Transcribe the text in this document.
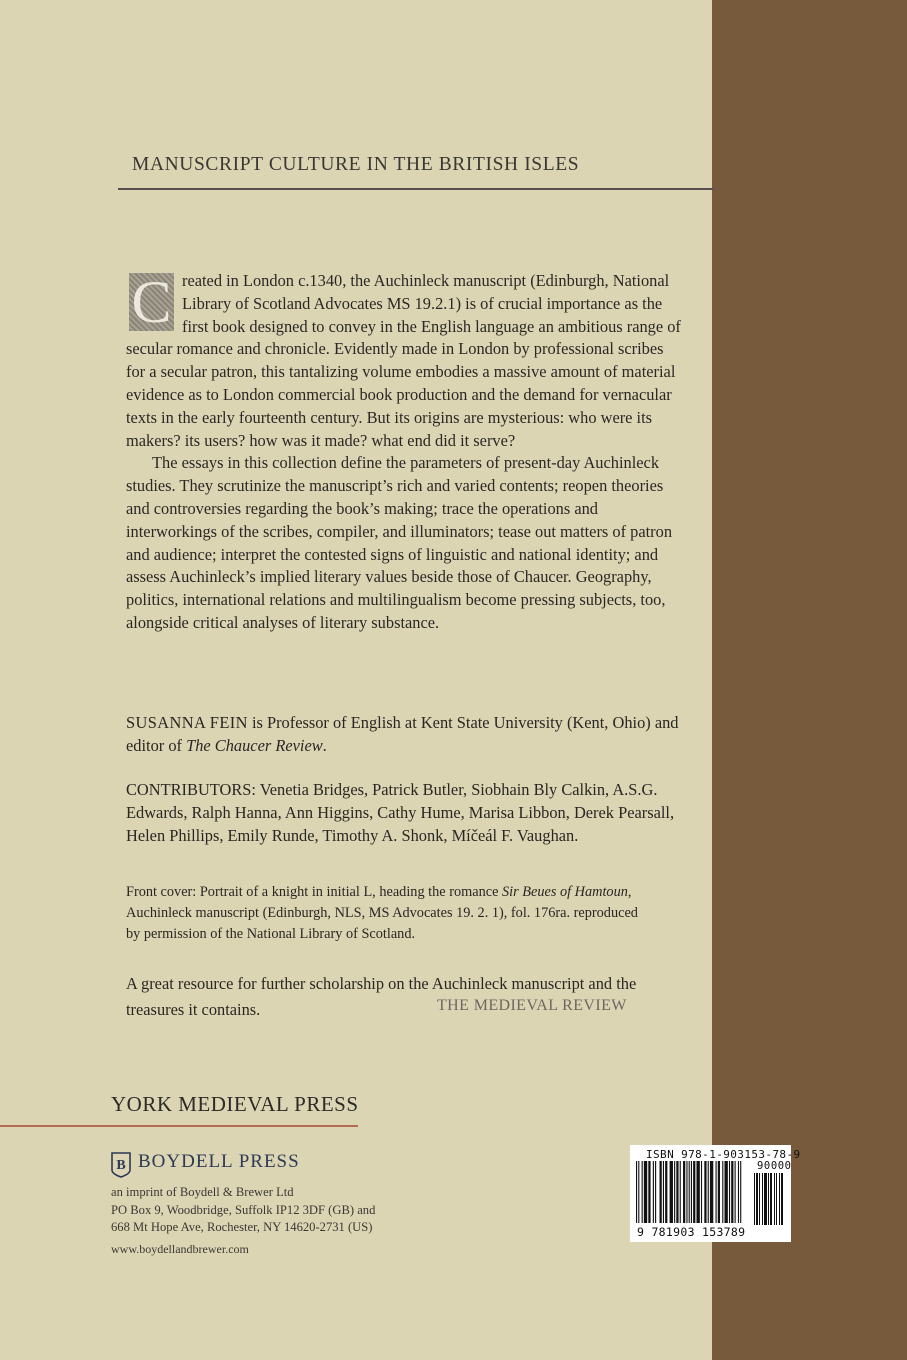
MANUSCRIPT CULTURE IN THE BRITISH ISLES

C reated in London c.1340, the Auchinleck manuscript (Edinburgh, National Library of Scotland Advocates MS 19.2.1) is of crucial importance as the first book designed to convey in the English language an ambitious range of secular romance and chronicle. Evidently made in London by professional scribes for a secular patron, this tantalizing volume embodies a massive amount of material evidence as to London commercial book production and the demand for vernacular texts in the early fourteenth century. But its origins are mysterious: who were its makers? its users? how was it made? what end did it serve?

The essays in this collection define the parameters of present-day Auchinleck studies. They scrutinize the manuscript’s rich and varied contents; reopen theories and controversies regarding the book’s making; trace the operations and interworkings of the scribes, compiler, and illuminators; tease out matters of patron and audience; interpret the contested signs of linguistic and national identity; and assess Auchinleck’s implied literary values beside those of Chaucer. Geography, politics, international relations and multilingualism become pressing subjects, too, alongside critical analyses of literary substance.

SUSANNA FEIN is Professor of English at Kent State University (Kent, Ohio) and editor of The Chaucer Review.
CONTRIBUTORS: Venetia Bridges, Patrick Butler, Siobhain Bly Calkin, A.S.G. Edwards, Ralph Hanna, Ann Higgins, Cathy Hume, Marisa Libbon, Derek Pearsall, Helen Phillips, Emily Runde, Timothy A. Shonk, Míčeál F. Vaughan.
Front cover: Portrait of a knight in initial L, heading the romance Sir Beues of Hamtoun, Auchinleck manuscript (Edinburgh, NLS, MS Advocates 19. 2. 1), fol. 176ra. reproduced by permission of the National Library of Scotland.
A great resource for further scholarship on the Auchinleck manuscript and the treasures it contains.	THE MEDIEVAL REVIEW
YORK MEDIEVAL PRESS
B BOYDELL PRESS
an imprint of Boydell & Brewer Ltd
PO Box 9, Woodbridge, Suffolk IP12 3DF (GB) and
668 Mt Hope Ave, Rochester, NY 14620-2731 (US)
www.boydellandbrewer.com
ISBN 978-1-903153-78-9
90000
9 781903 153789
